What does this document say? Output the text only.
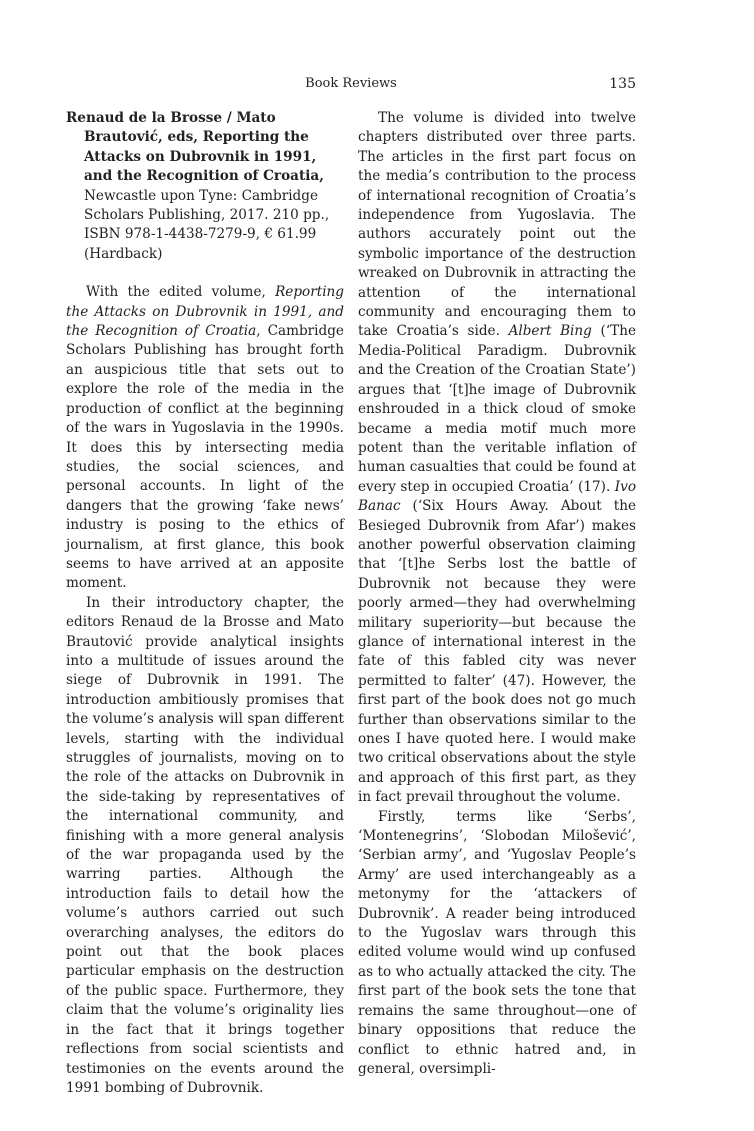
Book Reviews	135

Renaud de la Brosse / Mato Brautović, eds, Reporting the Attacks on Dubrovnik in 1991, and the Recognition of Croatia, Newcastle upon Tyne: Cambridge Scholars Publishing, 2017. 210 pp., ISBN 978-1-4438-7279-9, € 61.99 (Hardback)

With the edited volume, Reporting the Attacks on Dubrovnik in 1991, and the Recognition of Croatia, Cambridge Scholars Publishing has brought forth an auspicious title that sets out to explore the role of the media in the production of conflict at the beginning of the wars in Yugoslavia in the 1990s. It does this by intersecting media studies, the social sciences, and personal accounts. In light of the dangers that the growing ‘fake news’ industry is posing to the ethics of journalism, at first glance, this book seems to have arrived at an apposite moment.

In their introductory chapter, the editors Renaud de la Brosse and Mato Brautović provide analytical insights into a multitude of issues around the siege of Dubrovnik in 1991. The introduction ambitiously promises that the volume’s analysis will span different levels, starting with the individual struggles of journalists, moving on to the role of the attacks on Dubrovnik in the side-taking by representatives of the international community, and finishing with a more general analysis of the war propaganda used by the warring parties. Although the introduction fails to detail how the volume’s authors carried out such overarching analyses, the editors do point out that the book places particular emphasis on the destruction of the public space. Furthermore, they claim that the volume’s originality lies in the fact that it brings together reflections from social scientists and testimonies on the events around the 1991 bombing of Dubrovnik.

The volume is divided into twelve chapters distributed over three parts. The articles in the first part focus on the media’s contribution to the process of international recognition of Croatia’s independence from Yugoslavia. The authors accurately point out the symbolic importance of the destruction wreaked on Dubrovnik in attracting the attention of the international community and encouraging them to take Croatia’s side. Albert Bing (‘The Media-Political Paradigm. Dubrovnik and the Creation of the Croatian State’) argues that ‘[t]he image of Dubrovnik enshrouded in a thick cloud of smoke became a media motif much more potent than the veritable inflation of human casualties that could be found at every step in occupied Croatia’ (17). Ivo Banac (‘Six Hours Away. About the Besieged Dubrovnik from Afar’) makes another powerful observation claiming that ‘[t]he Serbs lost the battle of Dubrovnik not because they were poorly armed—they had overwhelming military superiority—but because the glance of international interest in the fate of this fabled city was never permitted to falter’ (47). However, the first part of the book does not go much further than observations similar to the ones I have quoted here. I would make two critical observations about the style and approach of this first part, as they in fact prevail throughout the volume.

Firstly, terms like ‘Serbs’, ‘Montenegrins’, ‘Slobodan Milošević’, ‘Serbian army’, and ‘Yugoslav People’s Army’ are used interchangeably as a metonymy for the ‘attackers of Dubrovnik’. A reader being introduced to the Yugoslav wars through this edited volume would wind up confused as to who actually attacked the city. The first part of the book sets the tone that remains the same throughout—one of binary oppositions that reduce the conflict to ethnic hatred and, in general, oversimpli-
